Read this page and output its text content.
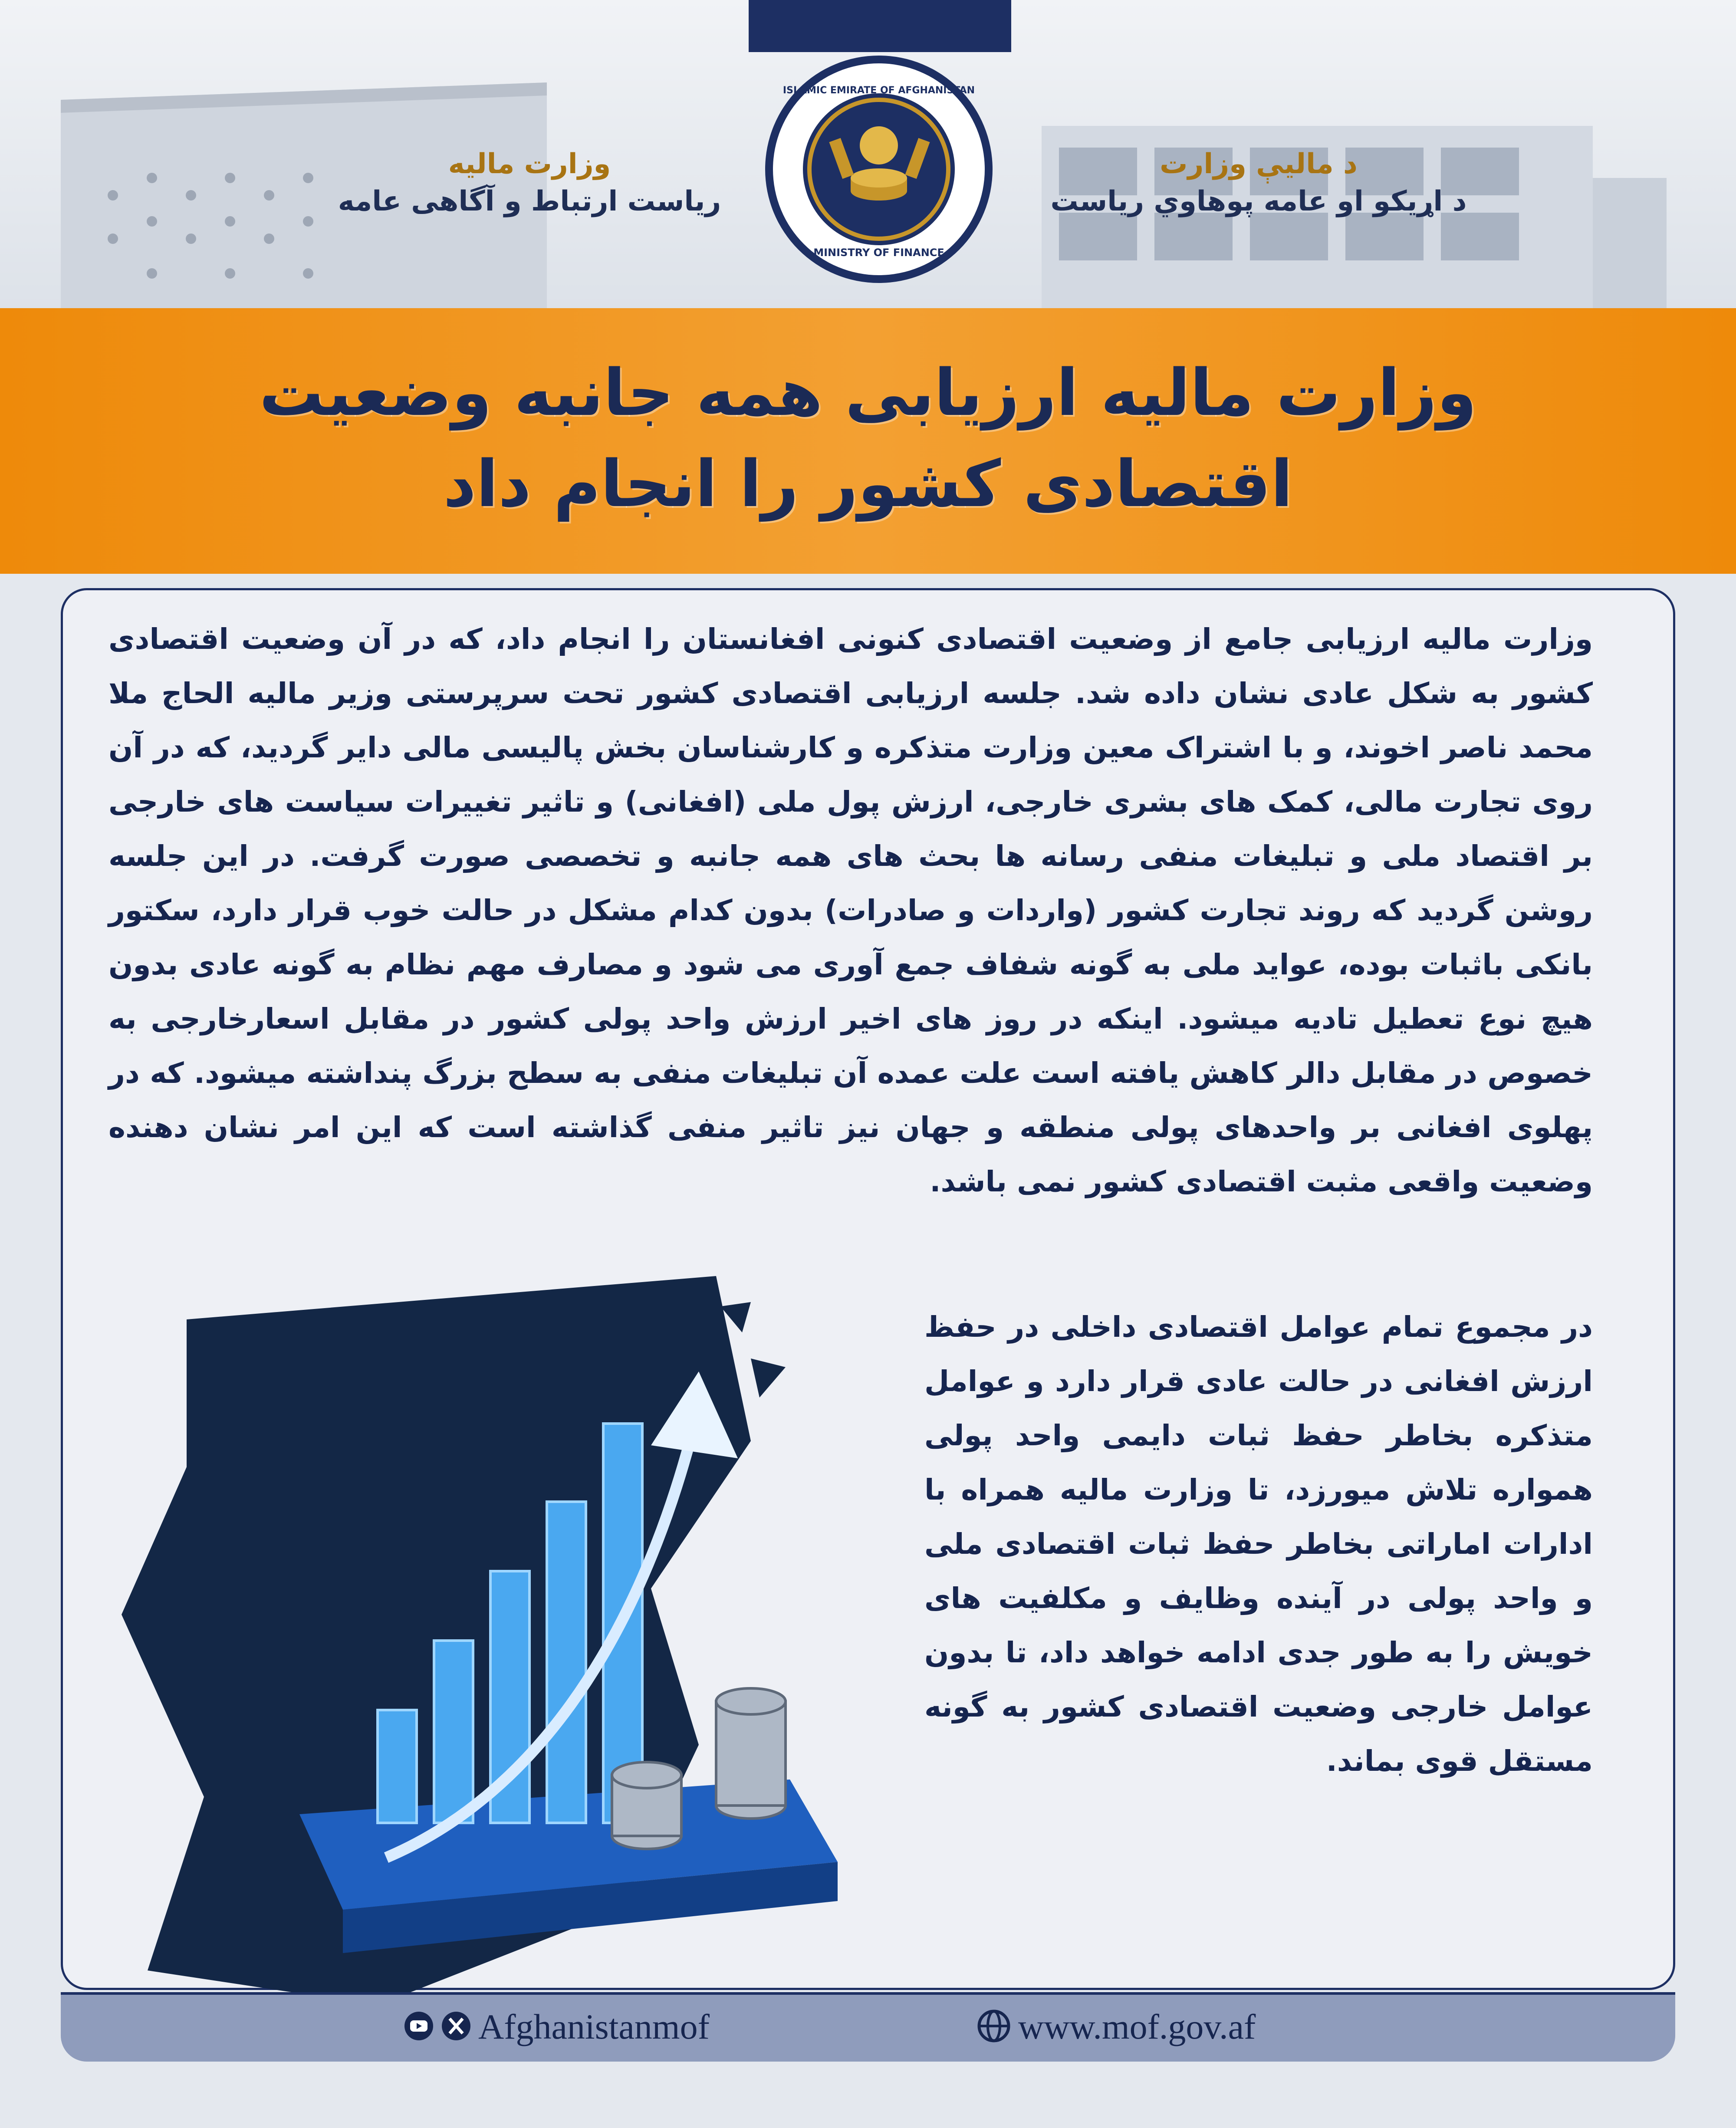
ISLAMIC EMIRATE OF AFGHANISTAN
MINISTRY OF FINANCE
وزارت مالیه
ریاست ارتباط و آگاهی عامه
د مالیې وزارت
د اړیکو او عامه پوهاوي ریاست
وزارت مالیه ارزیابی همه جانبه وضعیت
اقتصادی کشور را انجام داد

وزارت مالیه ارزیابی جامع از وضعیت اقتصادی کنونی افغانستان را انجام داد، که در آن وضعیت اقتصادی کشور به شکل عادی نشان داده شد. جلسه ارزیابی اقتصادی کشور تحت سرپرستی وزیر مالیه الحاج ملا محمد ناصر اخوند، و با اشتراک معین وزارت متذکره و کارشناسان بخش پالیسی مالی دایر گردید، که در آن روی تجارت مالی، کمک های بشری خارجی، ارزش پول ملی (افغانی) و تاثیر تغییرات سیاست های خارجی بر اقتصاد ملی و تبلیغات منفی رسانه ها بحث های همه جانبه و تخصصی صورت گرفت. در این جلسه روشن گردید که روند تجارت کشور (واردات و صادرات) بدون کدام مشکل در حالت خوب قرار دارد، سکتور بانکی باثبات بوده، عواید ملی به گونه شفاف جمع آوری می شود و مصارف مهم نظام به گونه عادی بدون هیچ نوع تعطیل تادیه میشود. اینکه در روز های اخیر ارزش واحد پولی کشور در مقابل اسعارخارجی به خصوص در مقابل دالر کاهش یافته است علت عمده آن تبلیغات منفی به سطح بزرگ پنداشته میشود. که در پهلوی افغانی بر واحدهای پولی منطقه و جهان نیز تاثیر منفی گذاشته است که این امر نشان دهنده وضعیت واقعی مثبت اقتصادی کشور نمی باشد.

در مجموع تمام عوامل اقتصادی داخلی در حفظ ارزش افغانی در حالت عادی قرار دارد و عوامل متذکره بخاطر حفظ ثبات دایمی واحد پولی همواره تلاش میورزد، تا وزارت مالیه همراه با ادارات اماراتی بخاطر حفظ ثبات اقتصادی ملی و واحد پولی در آینده وظایف و مکلفیت های خویش را به طور جدی ادامه خواهد داد، تا بدون عوامل خارجی وضعیت اقتصادی کشور به گونه مستقل قوی بماند.

Afghanistanmof	www.mof.gov.af
